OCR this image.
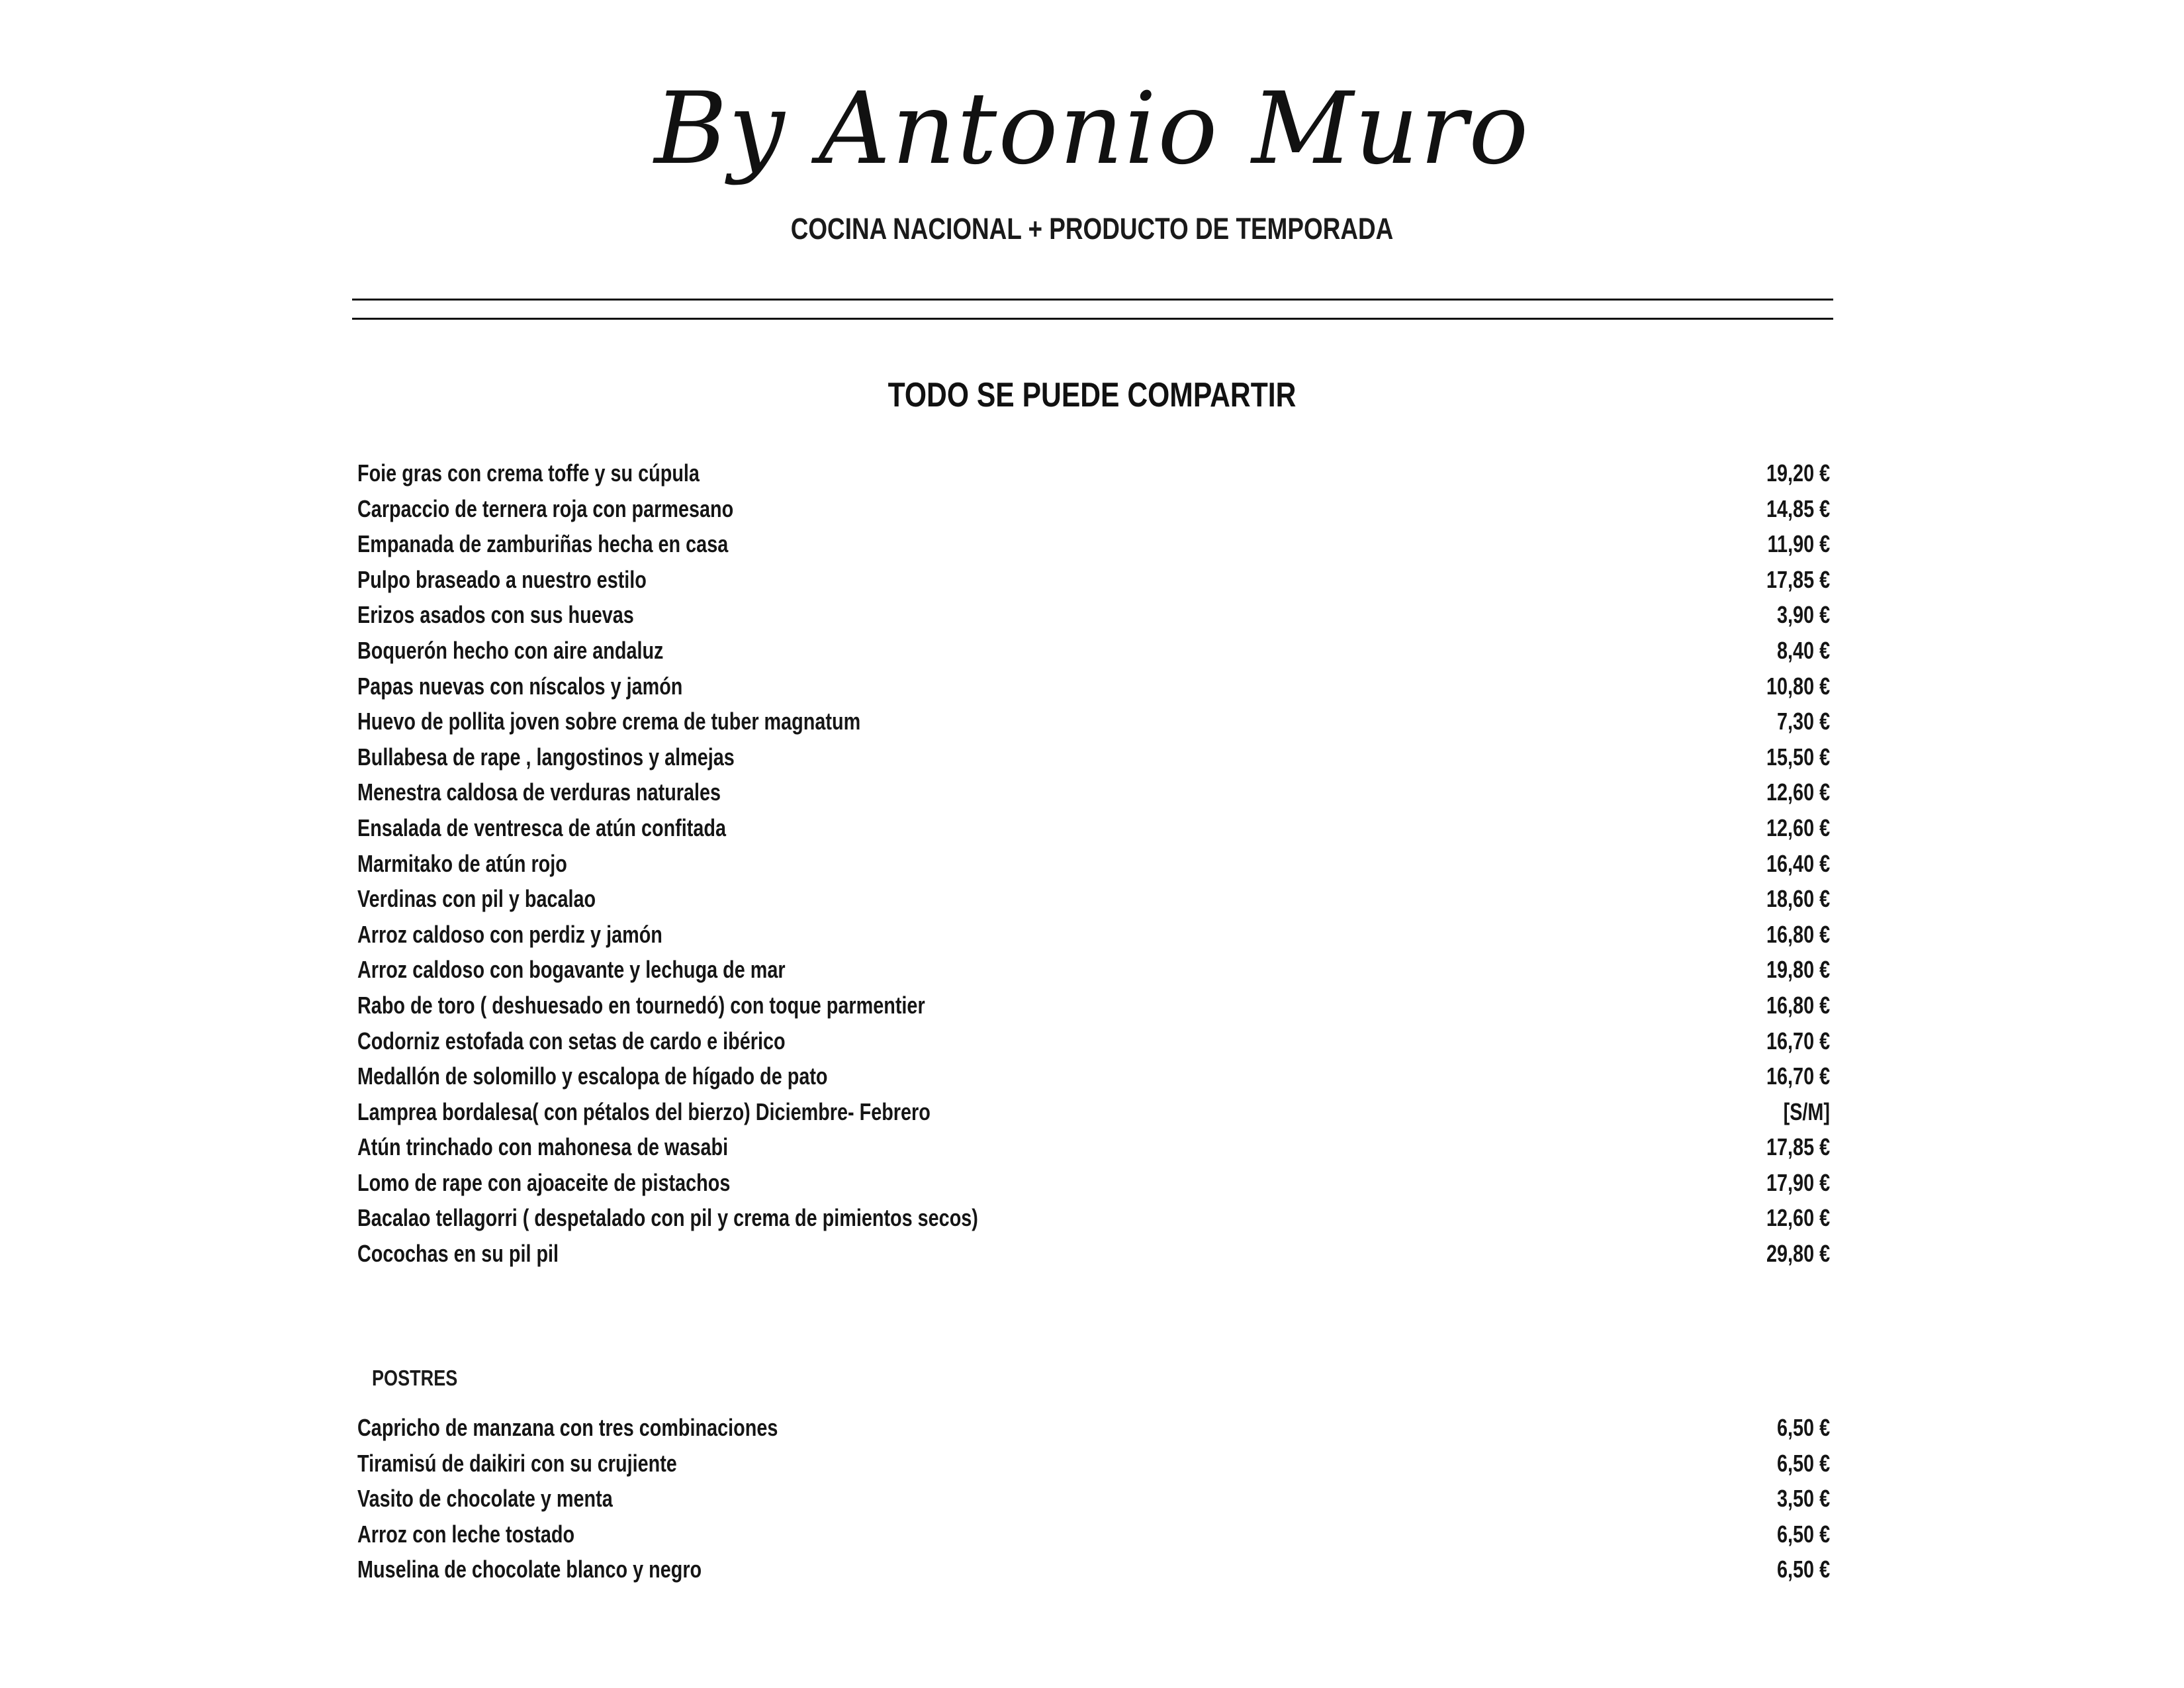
By Antonio Muro
COCINA NACIONAL + PRODUCTO DE TEMPORADA
TODO SE PUEDE COMPARTIR
Foie gras con crema toffe y su cúpula	19,20 €
Carpaccio de ternera roja con parmesano	14,85 €
Empanada de zamburiñas hecha en casa	11,90 €
Pulpo braseado a nuestro estilo	17,85 €
Erizos asados con sus huevas	3,90 €
Boquerón hecho con aire andaluz	8,40 €
Papas nuevas con níscalos y jamón	10,80 €
Huevo de pollita joven sobre crema de tuber magnatum	7,30 €
Bullabesa de rape , langostinos y almejas	15,50 €
Menestra caldosa de verduras naturales	12,60 €
Ensalada de ventresca de atún confitada	12,60 €
Marmitako de atún rojo	16,40 €
Verdinas con pil y bacalao	18,60 €
Arroz caldoso con perdiz y jamón	16,80 €
Arroz caldoso con bogavante y lechuga de mar	19,80 €
Rabo de toro ( deshuesado en tournedó) con toque parmentier	16,80 €
Codorniz estofada con setas de cardo e ibérico	16,70 €
Medallón de solomillo y escalopa de hígado de pato	16,70 €
Lamprea bordalesa( con pétalos del bierzo) Diciembre- Febrero	[S/M]
Atún trinchado con mahonesa de wasabi	17,85 €
Lomo de rape con ajoaceite de pistachos	17,90 €
Bacalao tellagorri ( despetalado con pil y crema de pimientos secos)	12,60 €
Cocochas en su pil pil	29,80 €
POSTRES
Capricho de manzana con tres combinaciones	6,50 €
Tiramisú de daikiri con su crujiente	6,50 €
Vasito de chocolate y menta	3,50 €
Arroz con leche tostado	6,50 €
Muselina de chocolate blanco y negro	6,50 €
